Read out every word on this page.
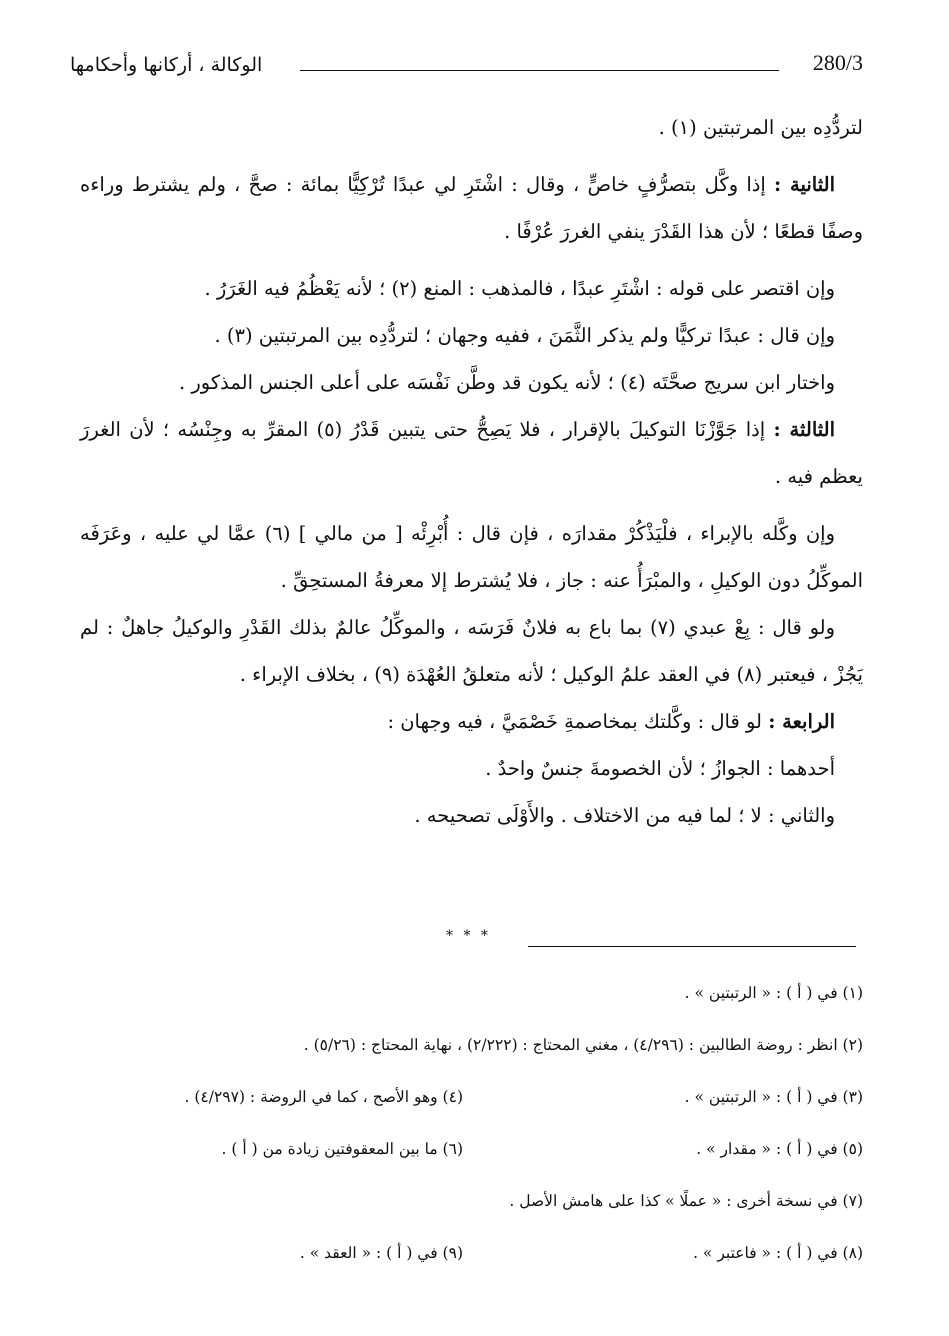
الوكالة ، أركانها وأحكامها	280/3

لتردُّدِه بين المرتبتين (١) .

الثانية : إذا وكَّل بتصرُّفٍ خاصٍّ ، وقال : اشْتَرِ لي عبدًا تُرْكِيًّا بمائة : صحَّ ، ولم يشترط وراءه وصفًا قطعًا ؛ لأن هذا القَدْرَ ينفي الغررَ عُرْفًا .

وإن اقتصر على قوله : اشْتَرِ عبدًا ، فالمذهب : المنع (٢) ؛ لأنه يَعْظُمُ فيه الغَرَرُ .

وإن قال : عبدًا تركيًّا ولم يذكر الثَّمَنَ ، ففيه وجهان ؛ لتردُّدِه بين المرتبتين (٣) .

واختار ابن سريج صحَّتَه (٤) ؛ لأنه يكون قد وطَّن نَفْسَه على أعلى الجنس المذكور .

الثالثة : إذا جَوَّزْنَا التوكيلَ بالإقرار ، فلا يَصِحُّ حتى يتبين قَدْرُ (٥) المقرِّ به وجِنْسُه ؛ لأن الغررَ يعظم فيه .

وإن وكَّله بالإبراء ، فلْيَذْكُرْ مقدارَه ، فإن قال : أُبْرِئْه [ من مالي ] (٦) عمَّا لي عليه ، وعَرَفَه الموكِّلُ دون الوكيلِ ، والمبْرَأُ عنه : جاز ، فلا يُشترط إلا معرفةُ المستحِقِّ .

ولو قال : بِعْ عبدي (٧) بما باع به فلانٌ فَرَسَه ، والموكِّلُ عالمٌ بذلك القَدْرِ والوكيلُ جاهلٌ : لم يَجُزْ ، فيعتبر (٨) في العقد علمُ الوكيل ؛ لأنه متعلقُ العُهْدَة (٩) ، بخلاف الإبراء .

الرابعة : لو قال : وكَّلتك بمخاصمةِ خَصْمَيَّ ، فيه وجهان :

أحدهما : الجوازُ ؛ لأن الخصومةَ جنسٌ واحدٌ .

والثاني : لا ؛ لما فيه من الاختلاف . والأَوْلَى تصحيحه .

* * *
(١) في ( أ ) : « الرتبتين » .
(٢) انظر : روضة الطالبين : (٤/٢٩٦) ، مغني المحتاج : (٢/٢٢٢) ، نهاية المحتاج : (٥/٢٦) .
(٣) في ( أ ) : « الرتبتين » .
(٤) وهو الأصح ، كما في الروضة : (٤/٢٩٧) .
(٥) في ( أ ) : « مقدار » .
(٦) ما بين المعقوفتين زيادة من ( أ ) .
(٧) في نسخة أخرى : « عملًا » كذا على هامش الأصل .
(٨) في ( أ ) : « فاعتبر » .
(٩) في ( أ ) : « العقد » .
